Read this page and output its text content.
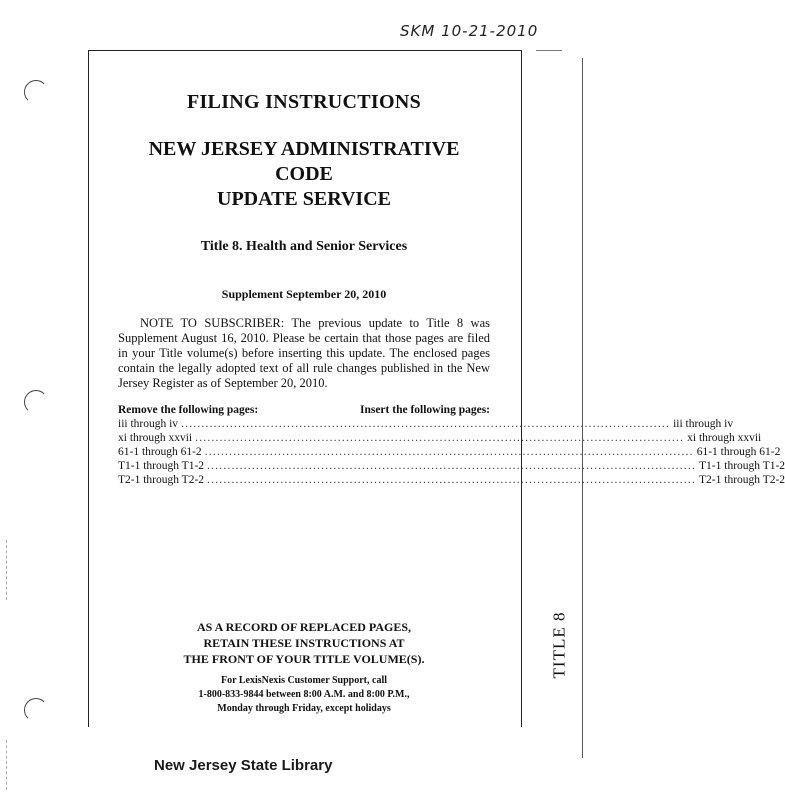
SKM 10-21-2010
FILING INSTRUCTIONS
NEW JERSEY ADMINISTRATIVE CODE
UPDATE SERVICE
Title 8. Health and Senior Services
Supplement September 20, 2010
NOTE TO SUBSCRIBER: The previous update to Title 8 was Supplement August 16, 2010. Please be certain that those pages are filed in your Title volume(s) before inserting this update. The enclosed pages contain the legally adopted text of all rule changes published in the New Jersey Register as of September 20, 2010.
Remove the following pages:	Insert the following pages:
iii through iv ........................................................................................................................ iii through iv
xi through xxvii ........................................................................................................................ xi through xxvii
61-1 through 61-2 ........................................................................................................................ 61-1 through 61-2
T1-1 through T1-2 ........................................................................................................................ T1-1 through T1-2
T2-1 through T2-2 ........................................................................................................................ T2-1 through T2-2
AS A RECORD OF REPLACED PAGES,
RETAIN THESE INSTRUCTIONS AT
THE FRONT OF YOUR TITLE VOLUME(S).
For LexisNexis Customer Support, call
1-800-833-9844 between 8:00 A.M. and 8:00 P.M.,
Monday through Friday, except holidays
TITLE 8
New Jersey State Library
